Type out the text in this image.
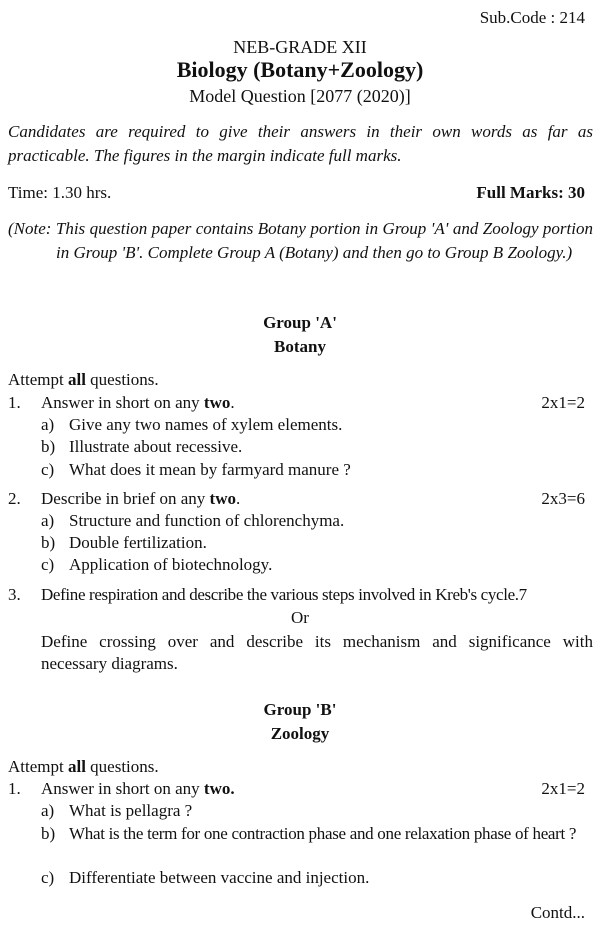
Sub.Code : 214
NEB-GRADE XII
Biology (Botany+Zoology)
Model Question [2077 (2020)]
Candidates are required to give their answers in their own words as far as practicable. The figures in the margin indicate full marks.
Time: 1.30 hrs.	Full Marks: 30
(Note: This question paper contains Botany portion in Group 'A' and Zoology portion in Group 'B'. Complete Group A (Botany) and then go to Group B Zoology.)
Group 'A'
Botany
Attempt all questions.
1. Answer in short on any two.	2x1=2
a) Give any two names of xylem elements.
b) Illustrate about recessive.
c) What does it mean by farmyard manure ?
2. Describe in brief on any two.	2x3=6
a) Structure and function of chlorenchyma.
b) Double fertilization.
c) Application of biotechnology.
3. Define respiration and describe the various steps involved in Kreb's cycle.7
Or
Define crossing over and describe its mechanism and significance with necessary diagrams.
Group 'B'
Zoology
Attempt all questions.
1. Answer in short on any two.	2x1=2
a) What is pellagra ?
b) What is the term for one contraction phase and one relaxation phase of heart ?
c) Differentiate between vaccine and injection.
Contd...
